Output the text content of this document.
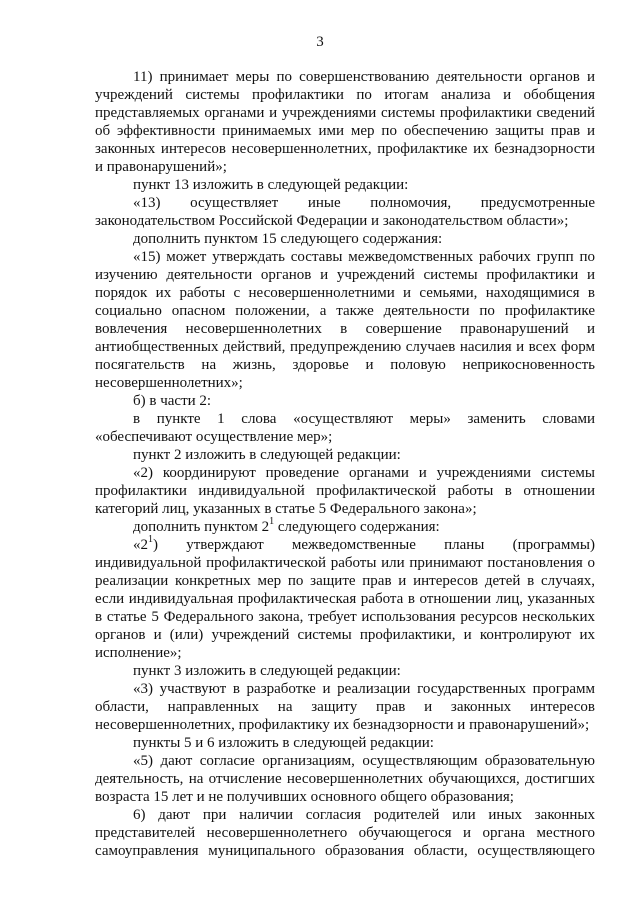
3

11) принимает меры по совершенствованию деятельности органов и учреждений системы профилактики по итогам анализа и обобщения представляемых органами и учреждениями системы профилактики сведений об эффективности принимаемых ими мер по обеспечению защиты прав и законных интересов несовершеннолетних, профилактике их безнадзорности и правонарушений»;

пункт 13 изложить в следующей редакции:

«13) осуществляет иные полномочия, предусмотренные законодательством Российской Федерации и законодательством области»;

дополнить пунктом 15 следующего содержания:

«15) может утверждать составы межведомственных рабочих групп по изучению деятельности органов и учреждений системы профилактики и порядок их работы с несовершеннолетними и семьями, находящимися в социально опасном положении, а также деятельности по профилактике вовлечения несовершеннолетних в совершение правонарушений и антиобщественных действий, предупреждению случаев насилия и всех форм посягательств на жизнь, здоровье и половую неприкосновенность несовершеннолетних»;

б) в части 2:

в пункте 1 слова «осуществляют меры» заменить словами «обеспечивают осуществление мер»;

пункт 2 изложить в следующей редакции:

«2) координируют проведение органами и учреждениями системы профилактики индивидуальной профилактической работы в отношении категорий лиц, указанных в статье 5 Федерального закона»;

дополнить пунктом $2^1$ следующего содержания:

«$2^1$) утверждают межведомственные планы (программы) индивидуальной профилактической работы или принимают постановления о реализации конкретных мер по защите прав и интересов детей в случаях, если индивидуальная профилактическая работа в отношении лиц, указанных в статье 5 Федерального закона, требует использования ресурсов нескольких органов и (или) учреждений системы профилактики, и контролируют их исполнение»;

пункт 3 изложить в следующей редакции:

«3) участвуют в разработке и реализации государственных программ области, направленных на защиту прав и законных интересов несовершеннолетних, профилактику их безнадзорности и правонарушений»;

пункты 5 и 6 изложить в следующей редакции:

«5) дают согласие организациям, осуществляющим образовательную деятельность, на отчисление несовершеннолетних обучающихся, достигших возраста 15 лет и не получивших основного общего образования;

6) дают при наличии согласия родителей или иных законных представителей несовершеннолетнего обучающегося и органа местного самоуправления муниципального образования области, осуществляющего
